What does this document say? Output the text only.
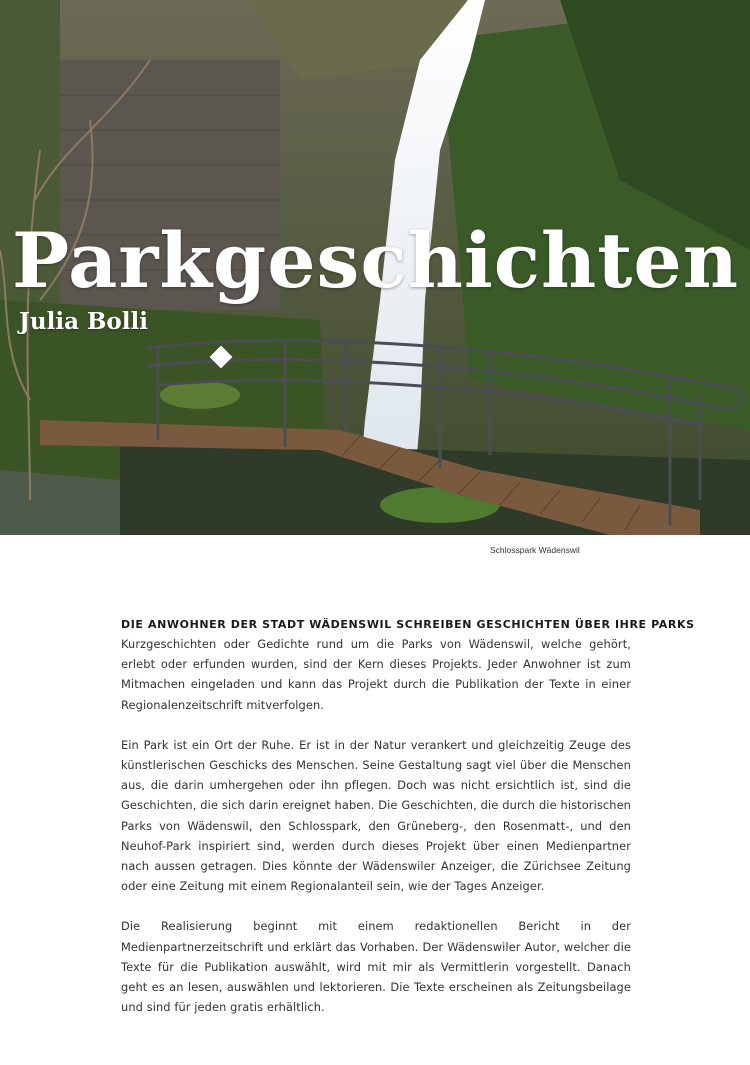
Parkgeschichten
Julia Bolli
Schlosspark Wädenswil
DIE ANWOHNER DER STADT WÄDENSWIL SCHREIBEN GESCHICHTEN ÜBER IHRE PARKS

Kurzgeschichten oder Gedichte rund um die Parks von Wädenswil, welche gehört, erlebt oder erfunden wurden, sind der Kern dieses Projekts. Jeder Anwohner ist zum Mitmachen eingeladen und kann das Projekt durch die Publikation der Texte in einer Regionalenzeitschrift mitverfolgen.

Ein Park ist ein Ort der Ruhe. Er ist in der Natur verankert und gleichzeitig Zeuge des künstlerischen Geschicks des Menschen. Seine Gestaltung sagt viel über die Menschen aus, die darin umhergehen oder ihn pflegen. Doch was nicht ersichtlich ist, sind die Geschichten, die sich darin ereignet haben. Die Geschichten, die durch die historischen Parks von Wädenswil, den Schlosspark, den Grüneberg-, den Rosenmatt-, und den Neuhof-Park inspiriert sind, werden durch dieses Projekt über einen Medienpartner nach aussen getragen. Dies könnte der Wädenswiler Anzeiger, die Zürichsee Zeitung oder eine Zeitung mit einem Regionalanteil sein, wie der Tages Anzeiger.

Die Realisierung beginnt mit einem redaktionellen Bericht in der Medienpartnerzeitschrift und erklärt das Vorhaben. Der Wädenswiler Autor, welcher die Texte für die Publikation auswählt, wird mit mir als Vermittlerin vorgestellt. Danach geht es an lesen, auswählen und lektorieren. Die Texte erscheinen als Zeitungsbeilage und sind für jeden gratis erhältlich.
